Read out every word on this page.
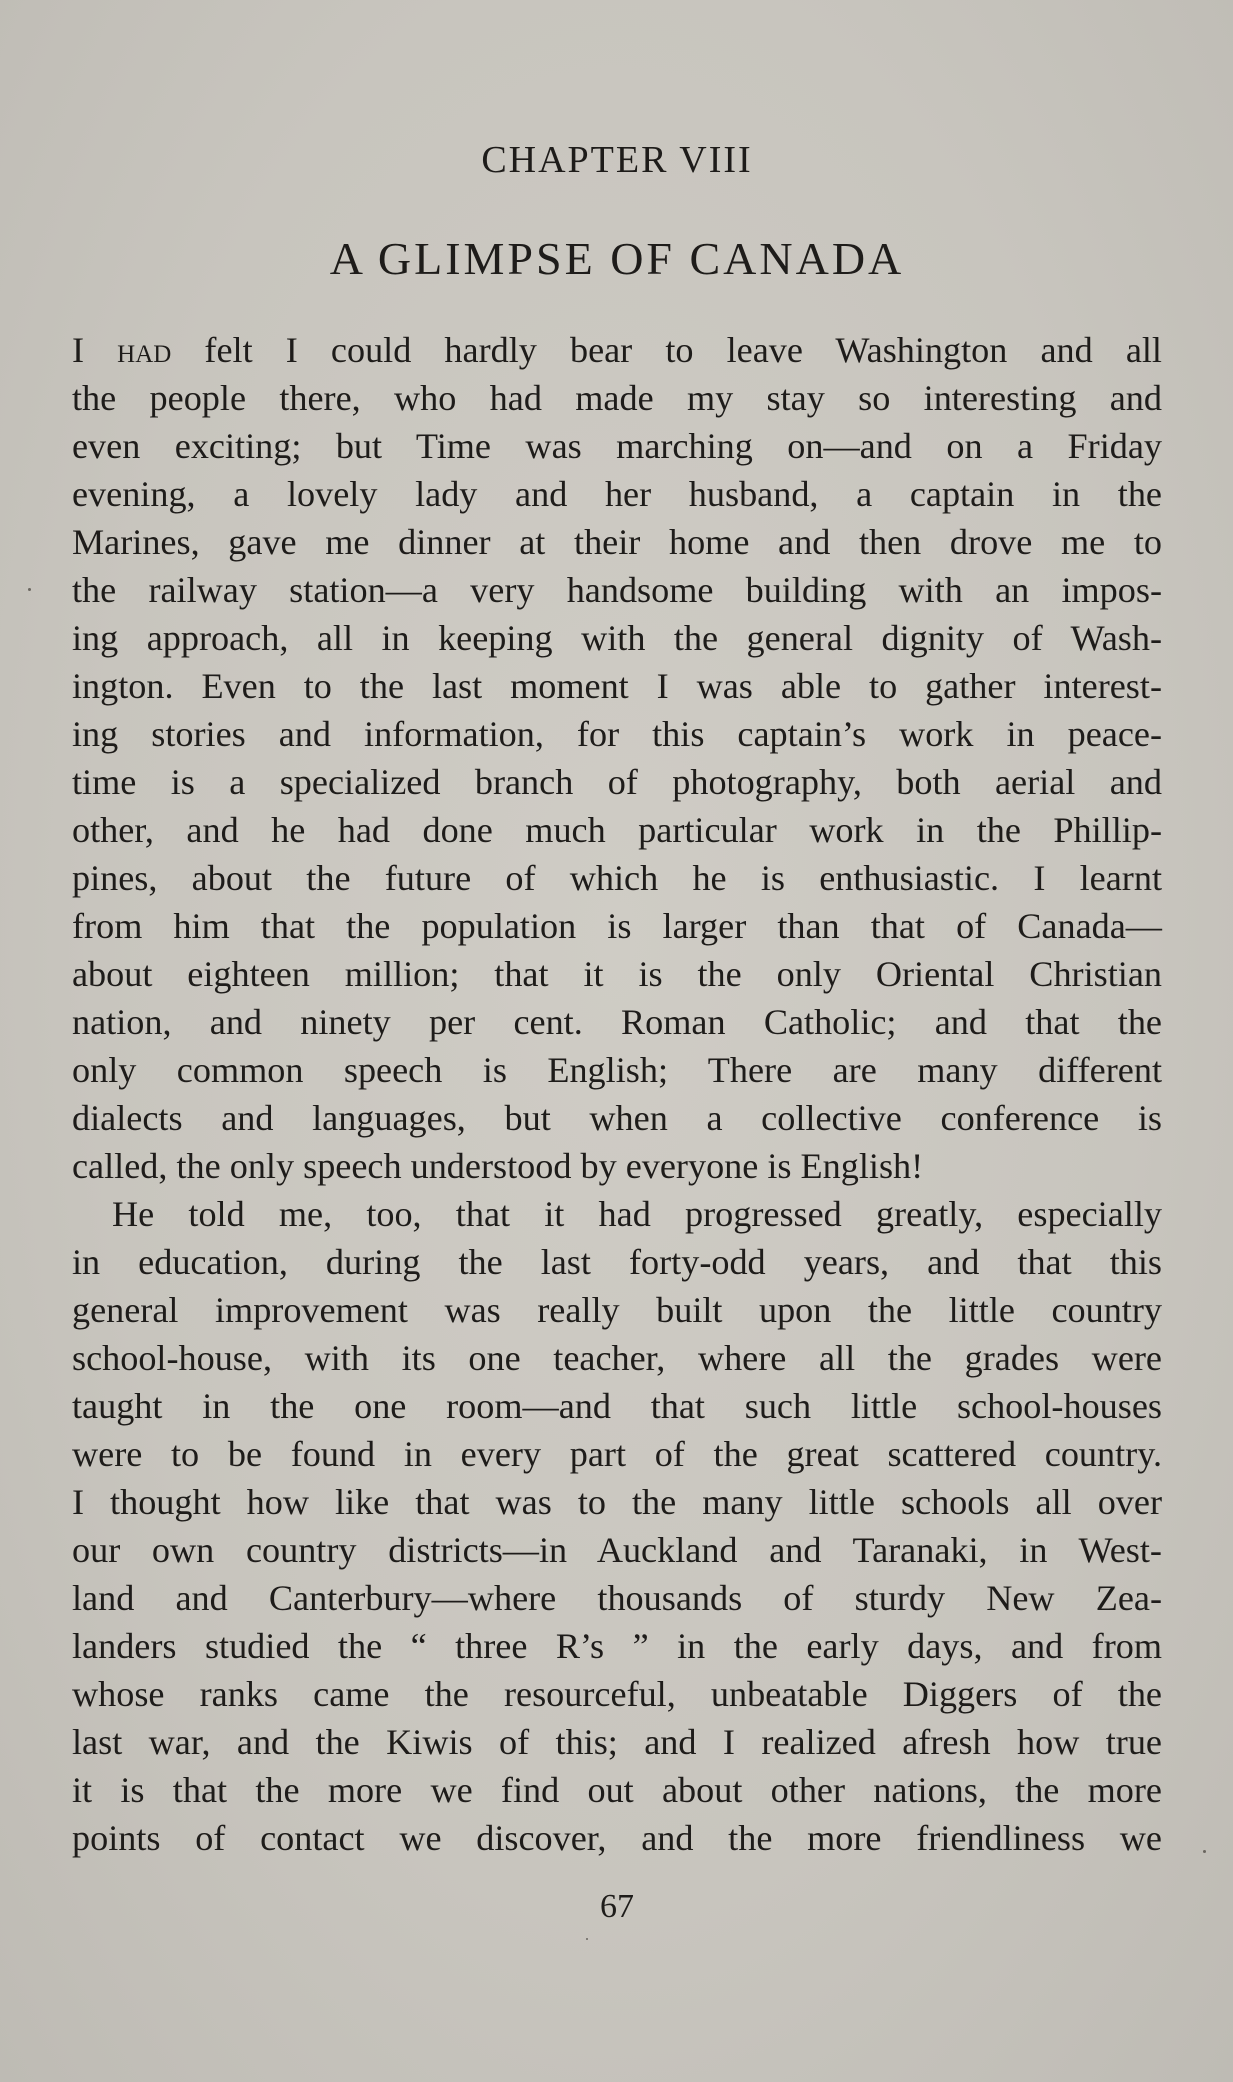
CHAPTER VIII
A GLIMPSE OF CANADA
I had felt I could hardly bear to leave Washington and all
the people there, who had made my stay so interesting and
even exciting; but Time was marching on—and on a Friday
evening, a lovely lady and her husband, a captain in the
Marines, gave me dinner at their home and then drove me to
the railway station—a very handsome building with an impos-
ing approach, all in keeping with the general dignity of Wash-
ington. Even to the last moment I was able to gather interest-
ing stories and information, for this captain’s work in peace-
time is a specialized branch of photography, both aerial and
other, and he had done much particular work in the Phillip-
pines, about the future of which he is enthusiastic. I learnt
from him that the population is larger than that of Canada—
about eighteen million; that it is the only Oriental Christian
nation, and ninety per cent. Roman Catholic; and that the
only common speech is English; There are many different
dialects and languages, but when a collective conference is
called, the only speech understood by everyone is English!
He told me, too, that it had progressed greatly, especially
in education, during the last forty-odd years, and that this
general improvement was really built upon the little country
school-house, with its one teacher, where all the grades were
taught in the one room—and that such little school-houses
were to be found in every part of the great scattered country.
I thought how like that was to the many little schools all over
our own country districts—in Auckland and Taranaki, in West-
land and Canterbury—where thousands of sturdy New Zea-
landers studied the “ three R’s ” in the early days, and from
whose ranks came the resourceful, unbeatable Diggers of the
last war, and the Kiwis of this; and I realized afresh how true
it is that the more we find out about other nations, the more
points of contact we discover, and the more friendliness we

67
